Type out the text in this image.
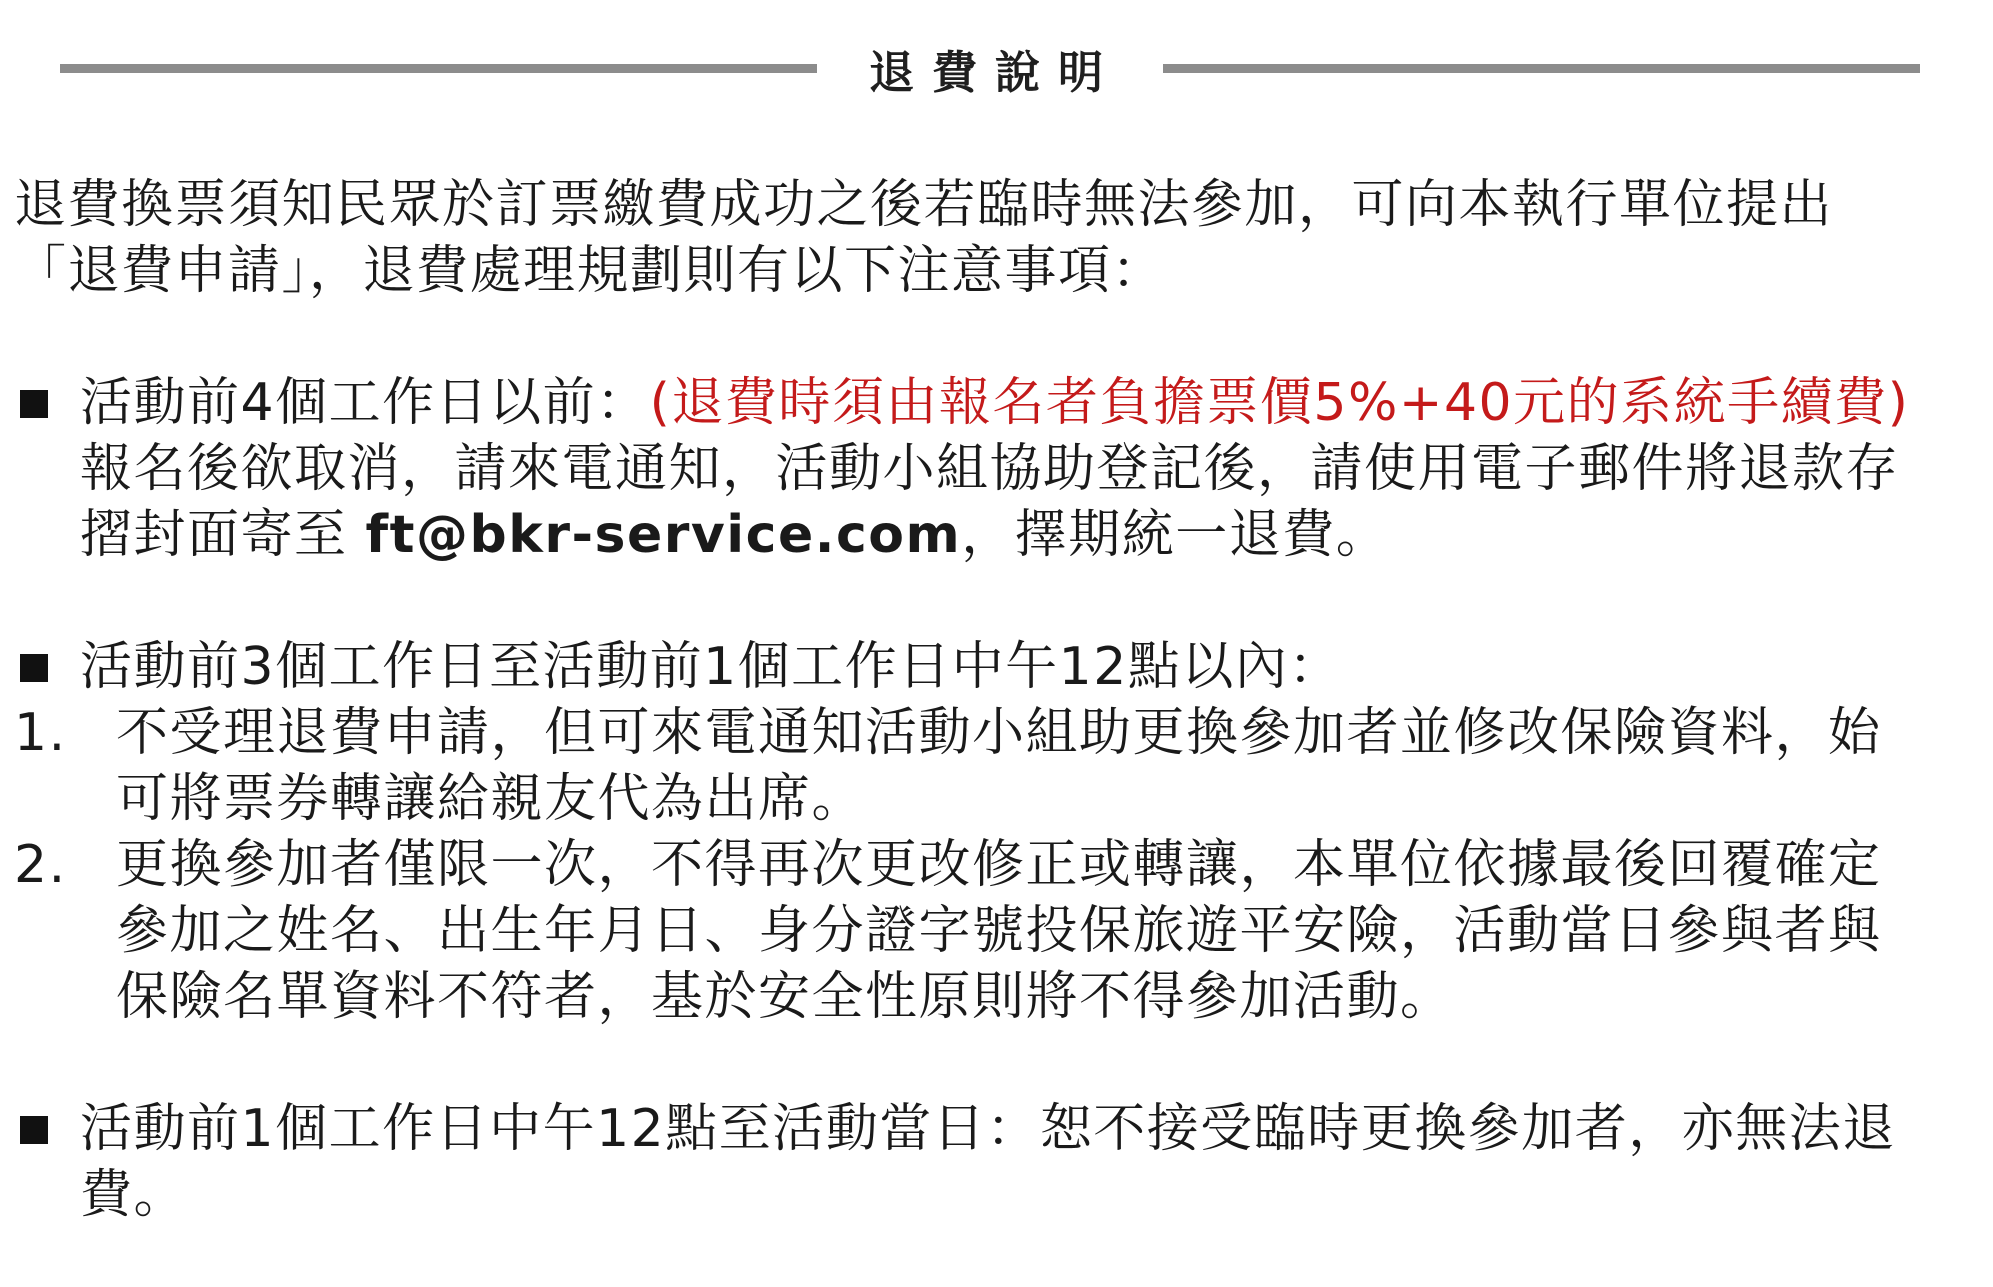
退費說明

退費換票須知民眾於訂票繳費成功之後若臨時無法參加，可向本執行單位提出

「退費申請」，退費處理規劃則有以下注意事項：

活動前4個工作日以前：(退費時須由報名者負擔票價5%+40元的系統手續費)

報名後欲取消，請來電通知，活動小組協助登記後，請使用電子郵件將退款存

摺封面寄至 ft@bkr-service.com，擇期統一退費。

活動前3個工作日至活動前1個工作日中午12點以內：

1. 不受理退費申請，但可來電通知活動小組助更換參加者並修改保險資料，始

可將票券轉讓給親友代為出席。

2. 更換參加者僅限一次，不得再次更改修正或轉讓，本單位依據最後回覆確定

參加之姓名、出生年月日、身分證字號投保旅遊平安險，活動當日參與者與

保險名單資料不符者，基於安全性原則將不得參加活動。

活動前1個工作日中午12點至活動當日：恕不接受臨時更換參加者，亦無法退

費。
